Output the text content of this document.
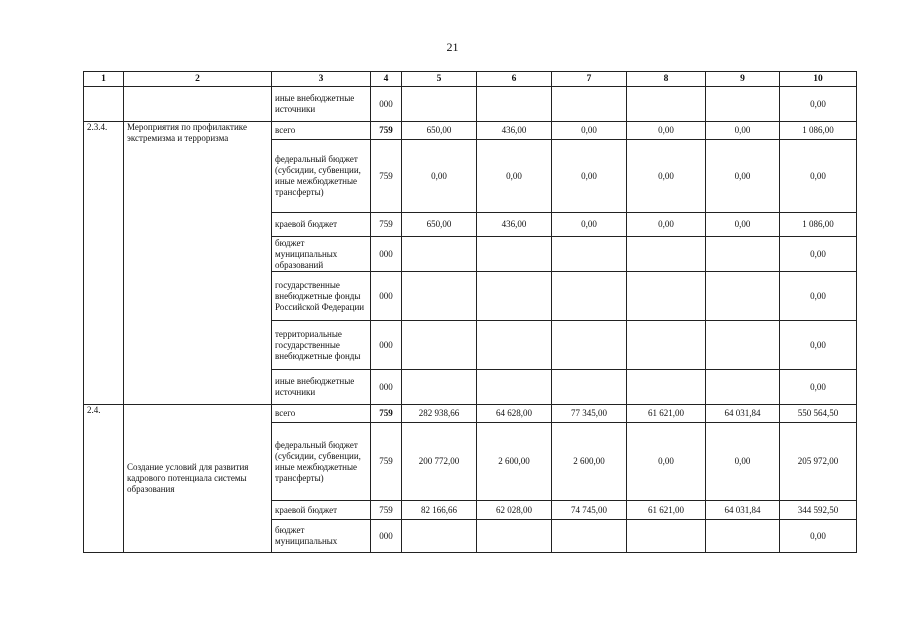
21
1	2	3	4	5	6	7	8	9	10
		иные внебюджетные источники	000						0,00
2.3.4.	Мероприятия по профилактике экстремизма и терроризма	всего	759	650,00	436,00	0,00	0,00	0,00	1 086,00
		федеральный бюджет (субсидии, субвенции, иные межбюджетные трансферты)	759	0,00	0,00	0,00	0,00	0,00	0,00
		краевой бюджет	759	650,00	436,00	0,00	0,00	0,00	1 086,00
		бюджет муниципальных образований	000						0,00
		государственные внебюджетные фонды Российской Федерации	000						0,00
		территориальные государственные внебюджетные фонды	000						0,00
		иные внебюджетные источники	000						0,00
2.4.	Создание условий для развития кадрового потенциала системы образования	всего	759	282 938,66	64 628,00	77 345,00	61 621,00	64 031,84	550 564,50
		федеральный бюджет (субсидии, субвенции, иные межбюджетные трансферты)	759	200 772,00	2 600,00	2 600,00	0,00	0,00	205 972,00
		краевой бюджет	759	82 166,66	62 028,00	74 745,00	61 621,00	64 031,84	344 592,50
		бюджет муниципальных	000						0,00
